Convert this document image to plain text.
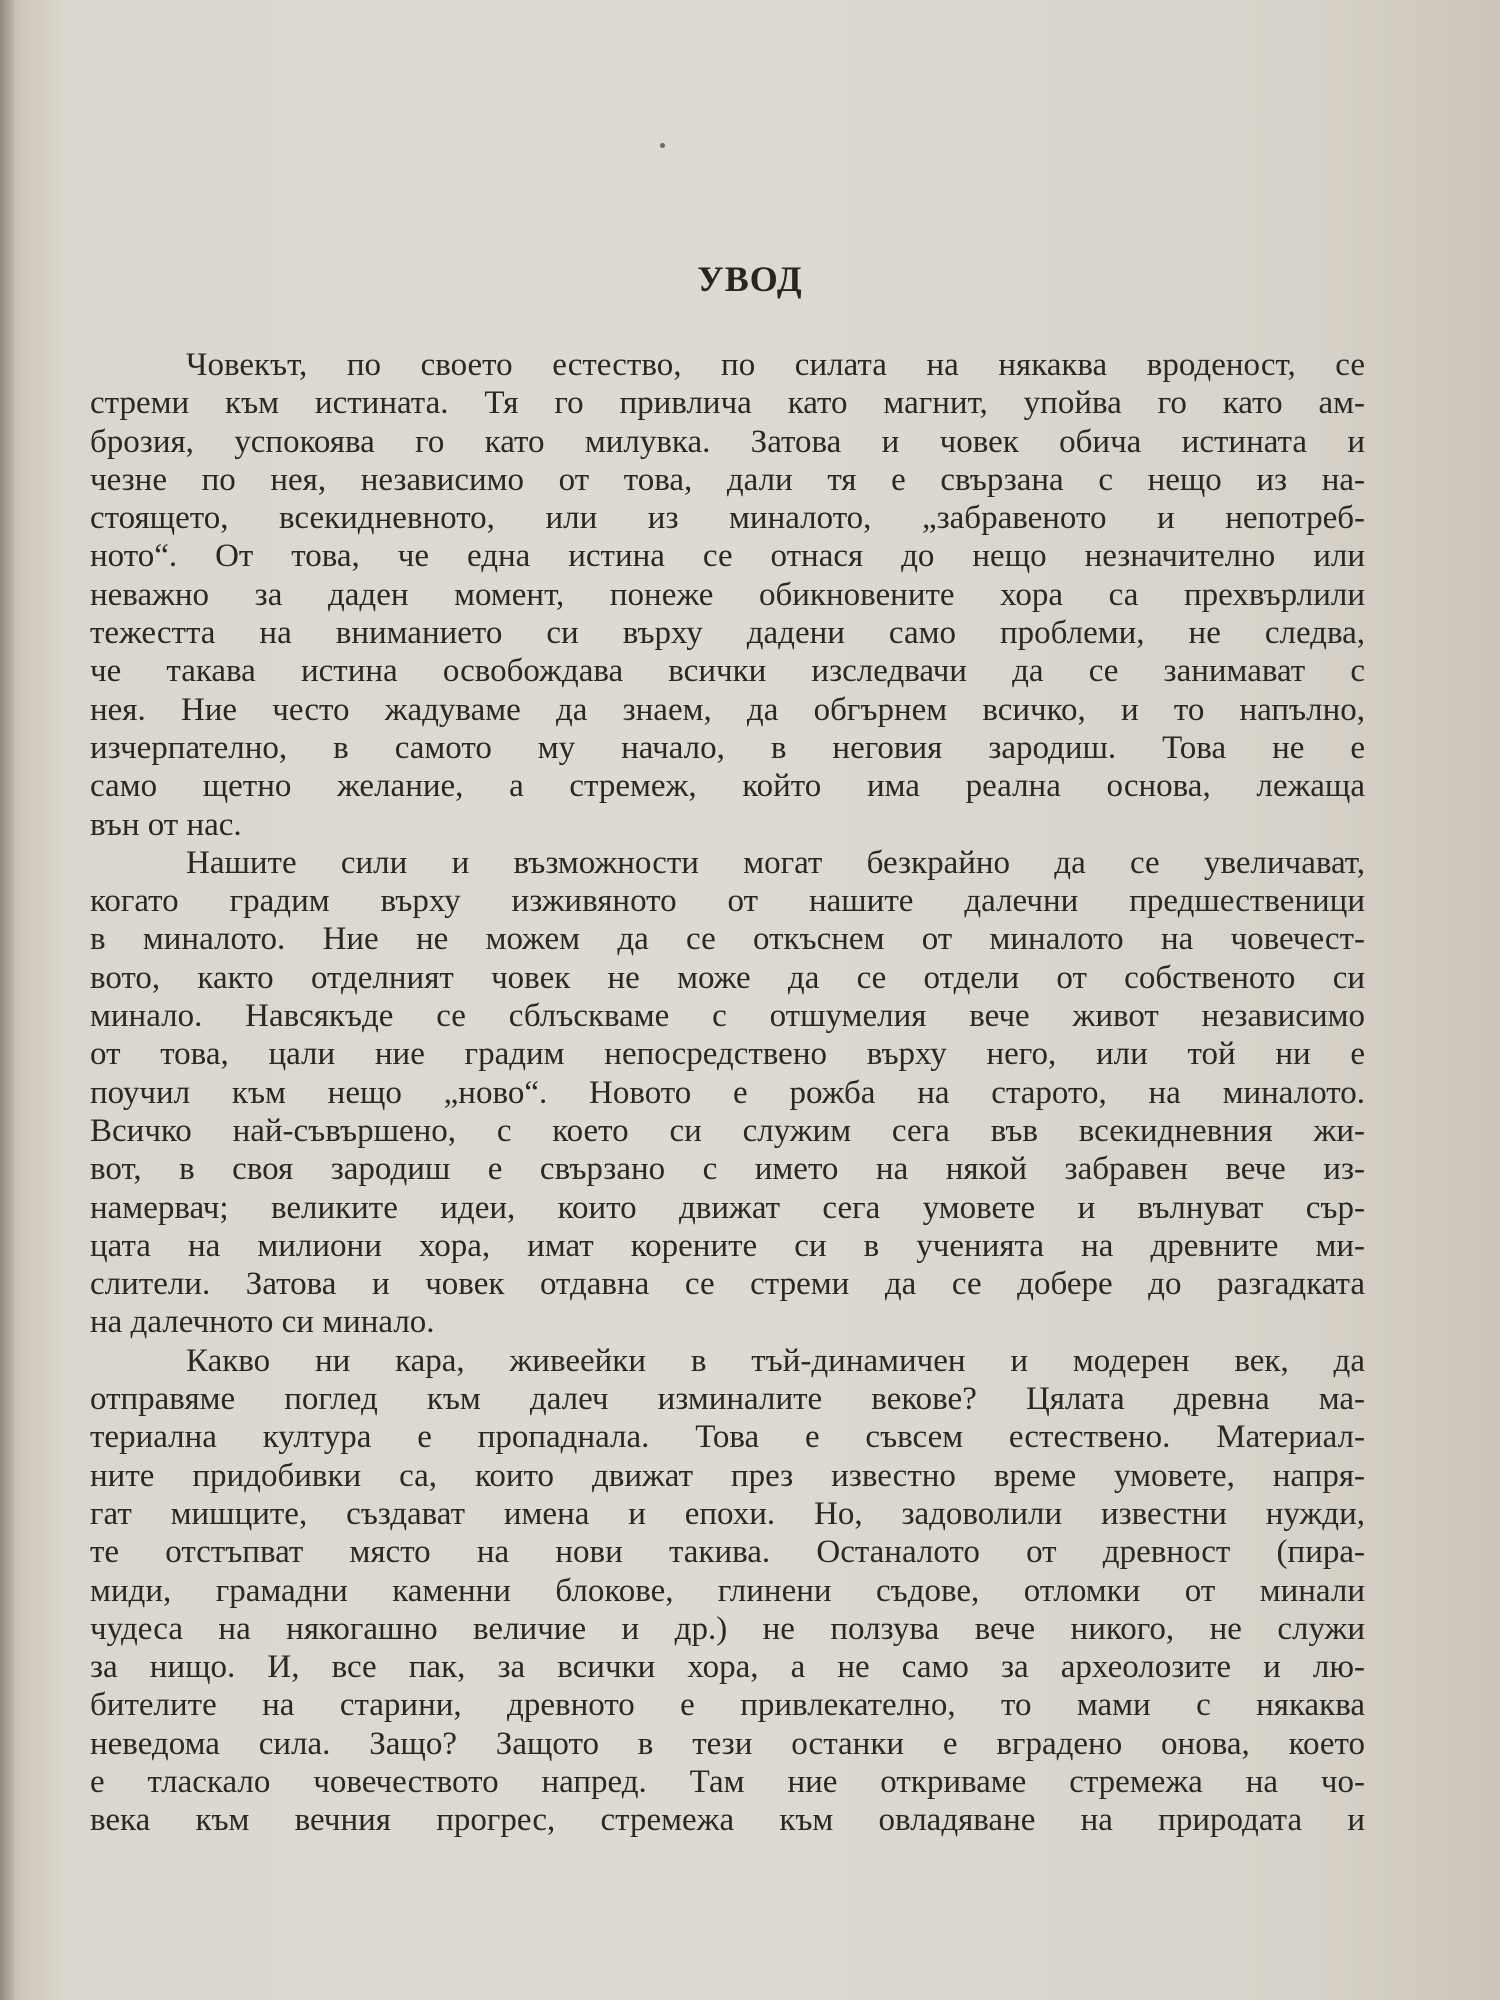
УВОД
Човекът, по своето естество, по силата на някаква вроденост, се
стреми към истината. Тя го привлича като магнит, упойва го като ам-
брозия, успокоява го като милувка. Затова и човек обича истината и
чезне по нея, независимо от това, дали тя е свързана с нещо из на-
стоящето, всекидневното, или из миналото, „забравеното и непотреб-
ното“. От това, че една истина се отнася до нещо незначително или
неважно за даден момент, понеже обикновените хора са прехвърлили
тежестта на вниманието си върху дадени само проблеми, не следва,
че такава истина освобождава всички изследвачи да се занимават с
нея. Ние често жадуваме да знаем, да обгърнем всичко, и то напълно,
изчерпателно, в самото му начало, в неговия зародиш. Това не е
само щетно желание, а стремеж, който има реална основа, лежаща
вън от нас.
Нашите сили и възможности могат безкрайно да се увеличават,
когато градим върху изживяното от нашите далечни предшественици
в миналото. Ние не можем да се откъснем от миналото на човечест-
вото, както отделният човек не може да се отдели от собственото си
минало. Навсякъде се сблъскваме с отшумелия вече живот независимо
от това, цали ние градим непосредствено върху него, или той ни е
поучил към нещо „ново“. Новото е рожба на старото, на миналото.
Всичко най-съвършено, с което си служим сега във всекидневния жи-
вот, в своя зародиш е свързано с името на някой забравен вече из-
намервач; великите идеи, които движат сега умовете и вълнуват сър-
цата на милиони хора, имат корените си в ученията на древните ми-
слители. Затова и човек отдавна се стреми да се добере до разгадката
на далечното си минало.
Какво ни кара, живеейки в тъй-динамичен и модерен век, да
отправяме поглед към далеч изминалите векове? Цялата древна ма-
териална култура е пропаднала. Това е съвсем естествено. Материал-
ните придобивки са, които движат през известно време умовете, напря-
гат мишците, създават имена и епохи. Но, задоволили известни нужди,
те отстъпват място на нови такива. Останалото от древност (пира-
миди, грамадни каменни блокове, глинени съдове, отломки от минали
чудеса на някогашно величие и др.) не ползува вече никого, не служи
за нищо. И, все пак, за всички хора, а не само за археолозите и лю-
бителите на старини, древното е привлекателно, то мами с някаква
неведома сила. Защо? Защото в тези останки е вградено онова, което
е тласкало човечеството напред. Там ние откриваме стремежа на чо-
века към вечния прогрес, стремежа към овладяване на природата и
